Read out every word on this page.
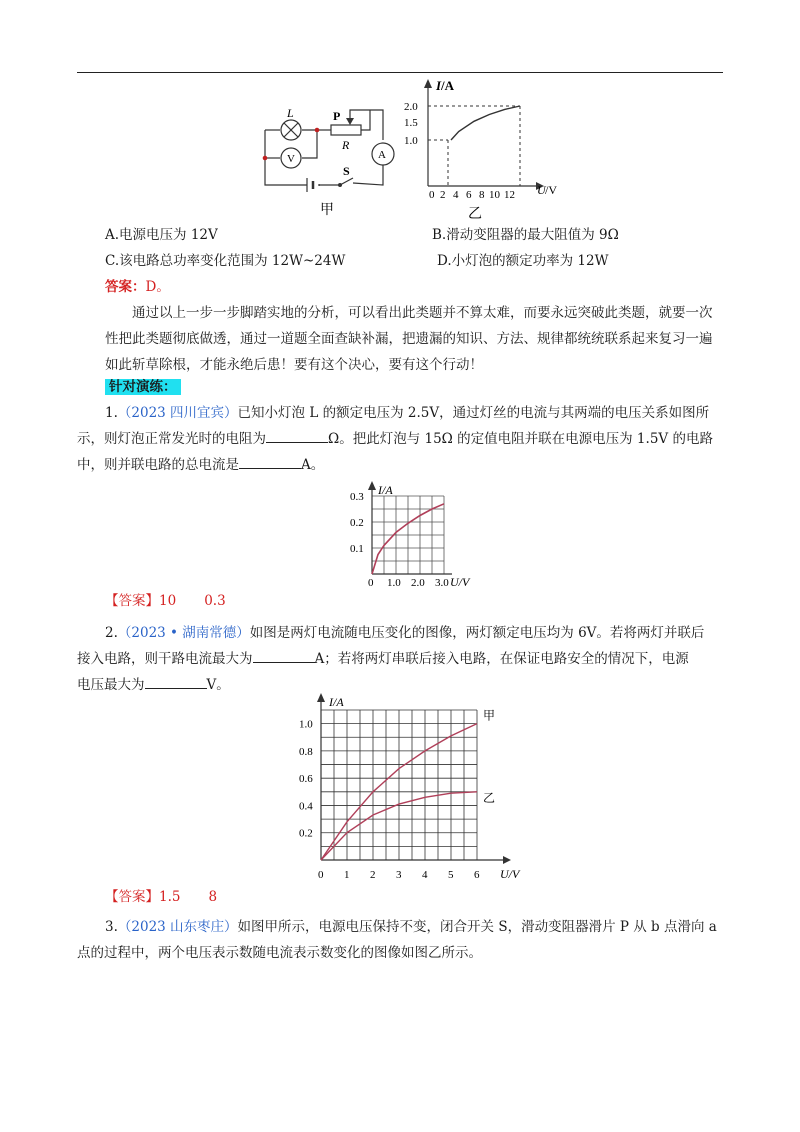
L	P
R
V	A
S
甲
I /A
U /V
1.0
1.5
2.0
0 2 4 6 8 10 12
乙
A.电源电压为 12V	B.滑动变阻器的最大阻值为 9Ω
C.该电路总功率变化范围为 12W~24W	D.小灯泡的额定功率为 12W
答案：D。
通过以上一步一步脚踏实地的分析，可以看出此类题并不算太难，而要永远突破此类题，就要一次性把此类题彻底做透，通过一道题全面查缺补漏，把遗漏的知识、方法、规律都统统联系起来复习一遍如此斩草除根，才能永绝后患！要有这个决心，要有这个行动！
针对演练：
1.（2023 四川宜宾）已知小灯泡 L 的额定电压为 2.5V，通过灯丝的电流与其两端的电压关系如图所
示，则灯泡正常发光时的电阻为	Ω。把此灯泡与 15Ω 的定值电阻并联在电源电压为 1.5V 的电路
中，则并联电路的总电流是	A。
I/A
U/V
0 1.0 2.0 3.0
0.1
0.2
0.3
【答案】10 0.3
2.（2023 • 湖南常德）如图是两灯电流随电压变化的图像，两灯额定电压均为 6V。若将两灯并联后
接入电路，则干路电流最大为	A；若将两灯串联后接入电路，在保证电路安全的情况下，电源
电压最大为	V。
I/A
U/V
0 1 2 3 4 5 6
0.2
0.4
0.6
0.8
1.0
甲
乙
【答案】1.5 8
3.（2023 山东枣庄）如图甲所示，电源电压保持不变，闭合开关 S，滑动变阻器滑片 P 从 b 点滑向 a
点的过程中，两个电压表示数随电流表示数变化的图像如图乙所示。
